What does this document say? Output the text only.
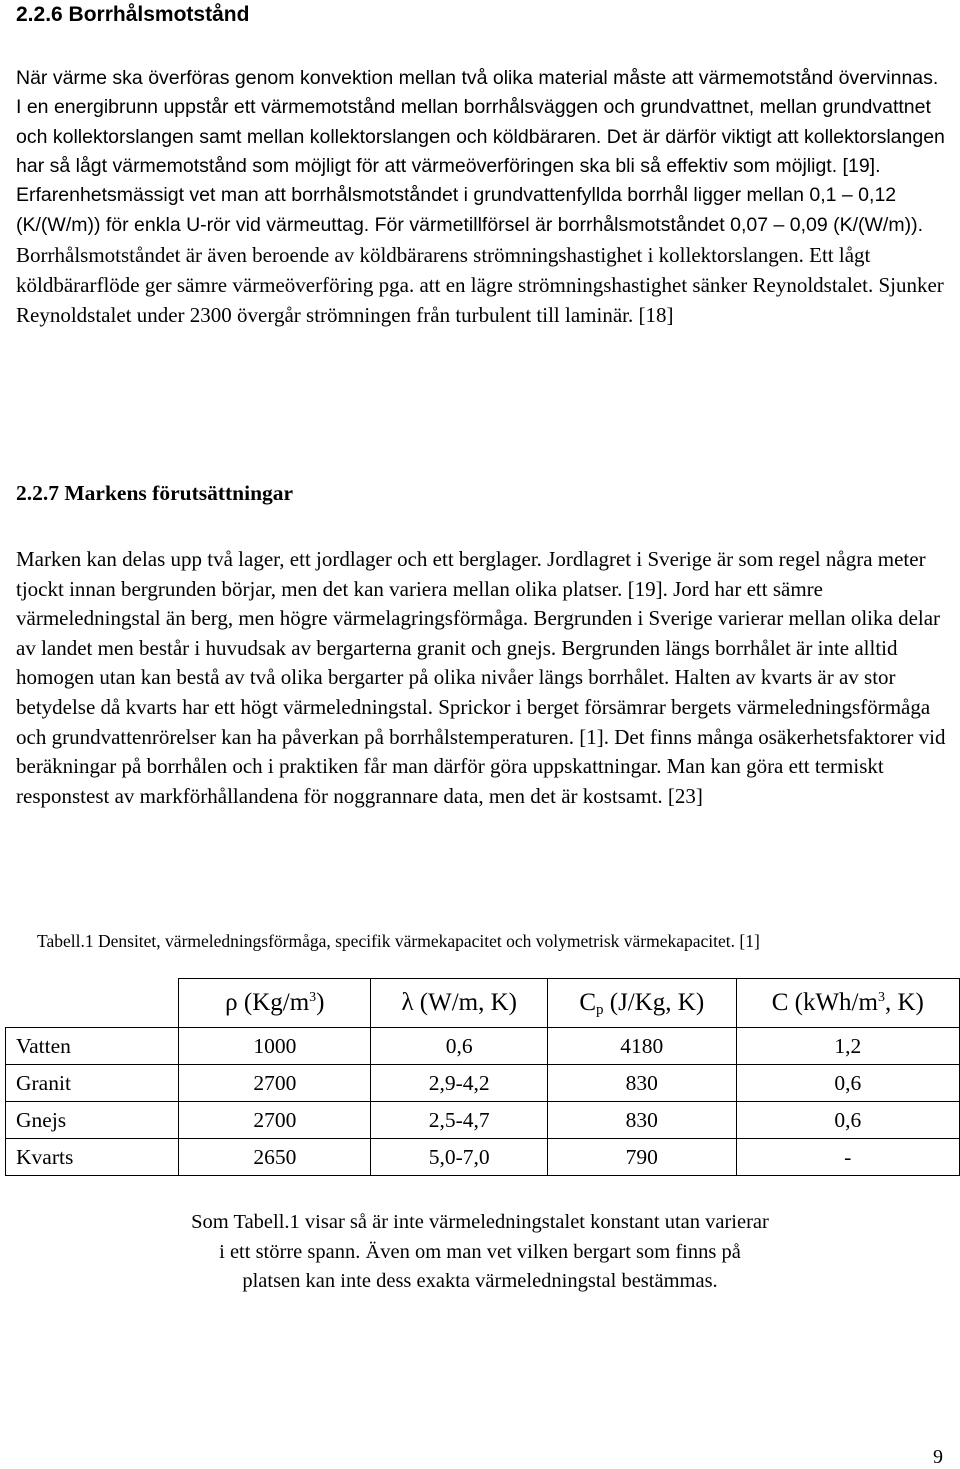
2.2.6 Borrhålsmotstånd

När värme ska överföras genom konvektion mellan två olika material måste att värmemotstånd övervinnas. I en energibrunn uppstår ett värmemotstånd mellan borrhålsväggen och grundvattnet, mellan grundvattnet och kollektorslangen samt mellan kollektorslangen och köldbäraren. Det är därför viktigt att kollektorslangen har så lågt värmemotstånd som möjligt för att värmeöverföringen ska bli så effektiv som möjligt. [19]. Erfarenhetsmässigt vet man att borrhålsmotståndet i grundvattenfyllda borrhål ligger mellan 0,1 – 0,12 (K/(W/m)) för enkla U-rör vid värmeuttag. För värmetillförsel är borrhålsmotståndet 0,07 – 0,09 (K/(W/m)). Borrhålsmotståndet är även beroende av köldbärarens strömningshastighet i kollektorslangen. Ett lågt köldbärarflöde ger sämre värmeöverföring pga. att en lägre strömningshastighet sänker Reynoldstalet. Sjunker Reynoldstalet under 2300 övergår strömningen från turbulent till laminär. [18]

2.2.7 Markens förutsättningar

Marken kan delas upp två lager, ett jordlager och ett berglager. Jordlagret i Sverige är som regel några meter tjockt innan bergrunden börjar, men det kan variera mellan olika platser. [19]. Jord har ett sämre värmeledningstal än berg, men högre värmelagringsförmåga. Bergrunden i Sverige varierar mellan olika delar av landet men består i huvudsak av bergarterna granit och gnejs. Bergrunden längs borrhålet är inte alltid homogen utan kan bestå av två olika bergarter på olika nivåer längs borrhålet. Halten av kvarts är av stor betydelse då kvarts har ett högt värmeledningstal. Sprickor i berget försämrar bergets värmeledningsförmåga och grundvattenrörelser kan ha påverkan på borrhålstemperaturen. [1]. Det finns många osäkerhetsfaktorer vid beräkningar på borrhålen och i praktiken får man därför göra uppskattningar. Man kan göra ett termiskt responstest av markförhållandena för noggrannare data, men det är kostsamt. [23]

Tabell.1 Densitet, värmeledningsförmåga, specifik värmekapacitet och volymetrisk värmekapacitet. [1]

	ρ $(Kg/m^3)$	λ (W/m, K)	$C_p$ (J/Kg, K)	C ($kWh/m^3$, K)
Vatten	1000	0,6	4180	1,2
Granit	2700	2,9-4,2	830	0,6
Gnejs	2700	2,5-4,7	830	0,6
Kvarts	2650	5,0-7,0	790	-

Som Tabell.1 visar så är inte värmeledningstalet konstant utan varierar
i ett större spann. Även om man vet vilken bergart som finns på
platsen kan inte dess exakta värmeledningstal bestämmas.

9
